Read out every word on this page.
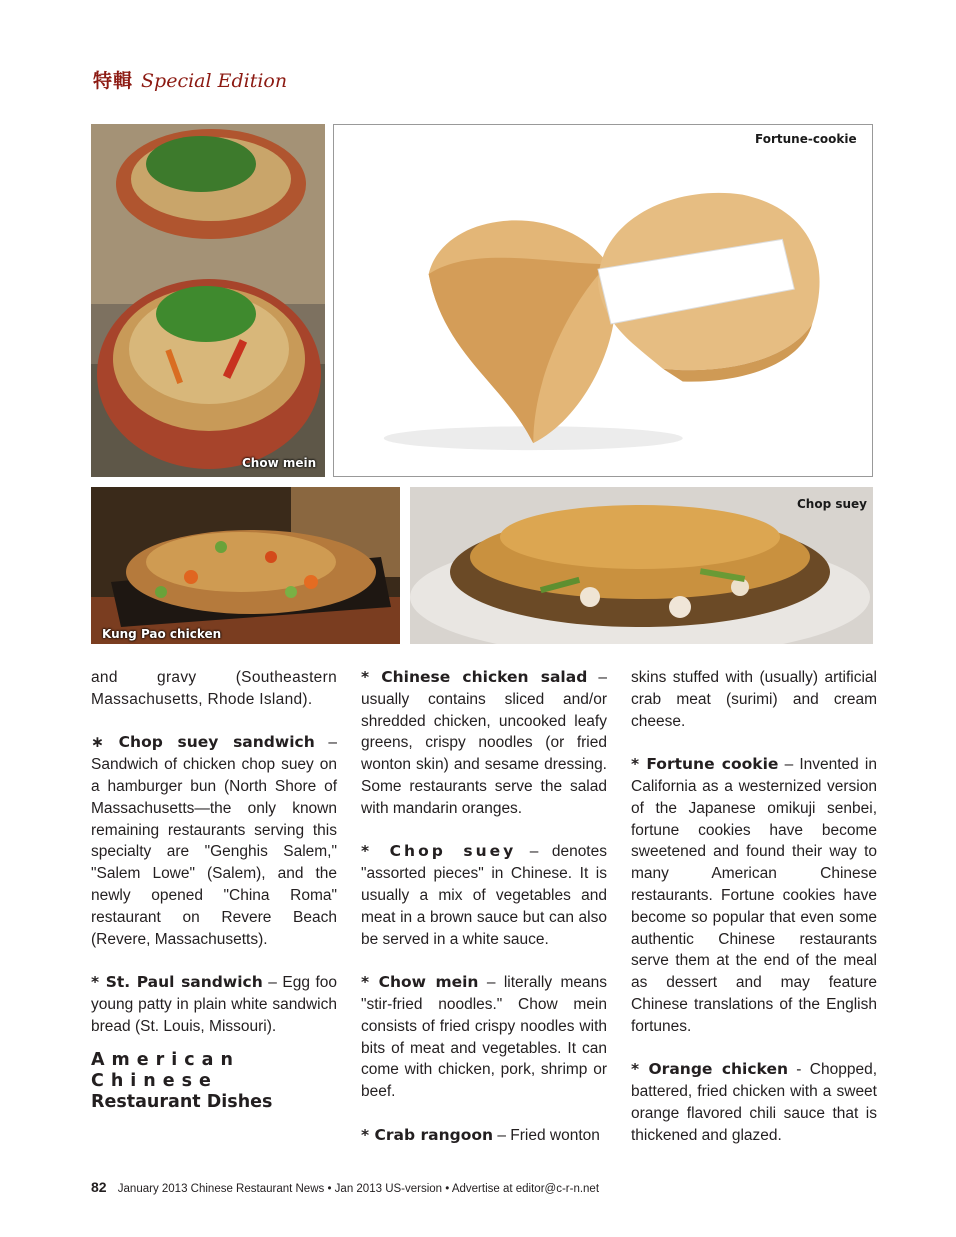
特輯 Special Edition
Chow mein
Fortune-cookie
Kung Pao chicken
Chop suey

and gravy (Southeastern Massachusetts, Rhode Island).

∗ Chop suey sandwich – Sandwich of chicken chop suey on a hamburger bun (North Shore of Massachusetts—the only known remaining restaurants serving this specialty are "Genghis Salem," "Salem Lowe" (Salem), and the newly opened "China Roma" restaurant on Revere Beach (Revere, Massachusetts).

* St. Paul sandwich – Egg foo young patty in plain white sandwich bread (St. Louis, Missouri).

American Chinese
Restaurant Dishes

* Chinese chicken salad – usually contains sliced and/or shredded chicken, uncooked leafy greens, crispy noodles (or fried wonton skin) and sesame dressing. Some restaurants serve the salad with mandarin oranges.

* Chop suey – denotes "assorted pieces" in Chinese. It is usually a mix of vegetables and meat in a brown sauce but can also be served in a white sauce.

* Chow mein – literally means "stir-fried noodles." Chow mein consists of fried crispy noodles with bits of meat and vegetables. It can come with chicken, pork, shrimp or beef.

* Crab rangoon – Fried wonton

skins stuffed with (usually) artificial crab meat (surimi) and cream cheese.

* Fortune cookie – Invented in California as a westernized version of the Japanese omikuji senbei, fortune cookies have become sweetened and found their way to many American Chinese restaurants. Fortune cookies have become so popular that even some authentic Chinese restaurants serve them at the end of the meal as dessert and may feature Chinese translations of the English fortunes.

* Orange chicken - Chopped, battered, fried chicken with a sweet orange flavored chili sauce that is thickened and glazed.

82 January 2013 Chinese Restaurant News • Jan 2013 US-version • Advertise at editor@c-r-n.net
